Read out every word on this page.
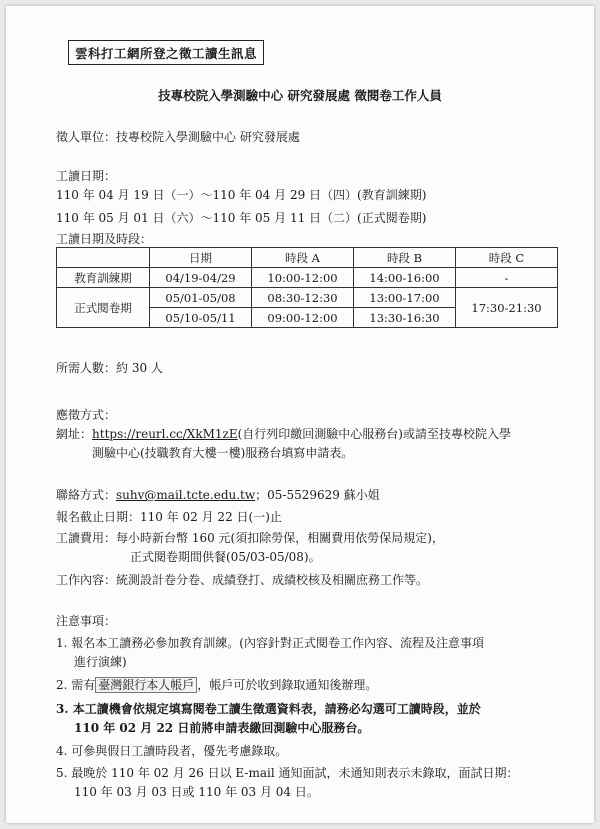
雲科打工網所登之徵工讀生訊息
技專校院入學測驗中心 研究發展處 徵閱卷工作人員
徵人單位：技專校院入學測驗中心 研究發展處
工讀日期：
110 年 04 月 19 日（一）～110 年 04 月 29 日（四）(教育訓練期)
110 年 05 月 01 日（六）～110 年 05 月 11 日（二）(正式閱卷期)
工讀日期及時段：
	日期	時段 A	時段 B	時段 C
教育訓練期	04/19-04/29	10:00-12:00	14:00-16:00	-
正式閱卷期	05/01-05/08	08:30-12:30	13:00-17:00	17:30-21:30
	05/10-05/11	09:00-12:00	13:30-16:30	
所需人數：約 30 人
應徵方式：
網址：https://reurl.cc/XkM1zE(自行列印繳回測驗中心服務台)或請至技專校院入學
測驗中心(技職教育大樓一樓)服務台填寫申請表。
聯絡方式：suhv@mail.tcte.edu.tw；05-5529629 蘇小姐
報名截止日期：110 年 02 月 22 日(一)止
工讀費用：每小時新台幣 160 元(須扣除勞保，相關費用依勞保局規定)，
正式閱卷期間供餐(05/03-05/08)。
工作內容：統測設計卷分卷、成績登打、成績校核及相關庶務工作等。
注意事項：
1. 報名本工讀務必參加教育訓練。(內容針對正式閱卷工作內容、流程及注意事項
進行演練)
2. 需有 臺灣銀行本人帳戶 ，帳戶可於收到錄取通知後辦理。
3. 本工讀機會依規定填寫閱卷工讀生徵選資料表，請務必勾選可工讀時段，並於
110 年 02 月 22 日前將申請表繳回測驗中心服務台。
4. 可參與假日工讀時段者，優先考慮錄取。
5. 最晚於 110 年 02 月 26 日以 E-mail 通知面試，未通知則表示未錄取，面試日期：
110 年 03 月 03 日或 110 年 03 月 04 日。
